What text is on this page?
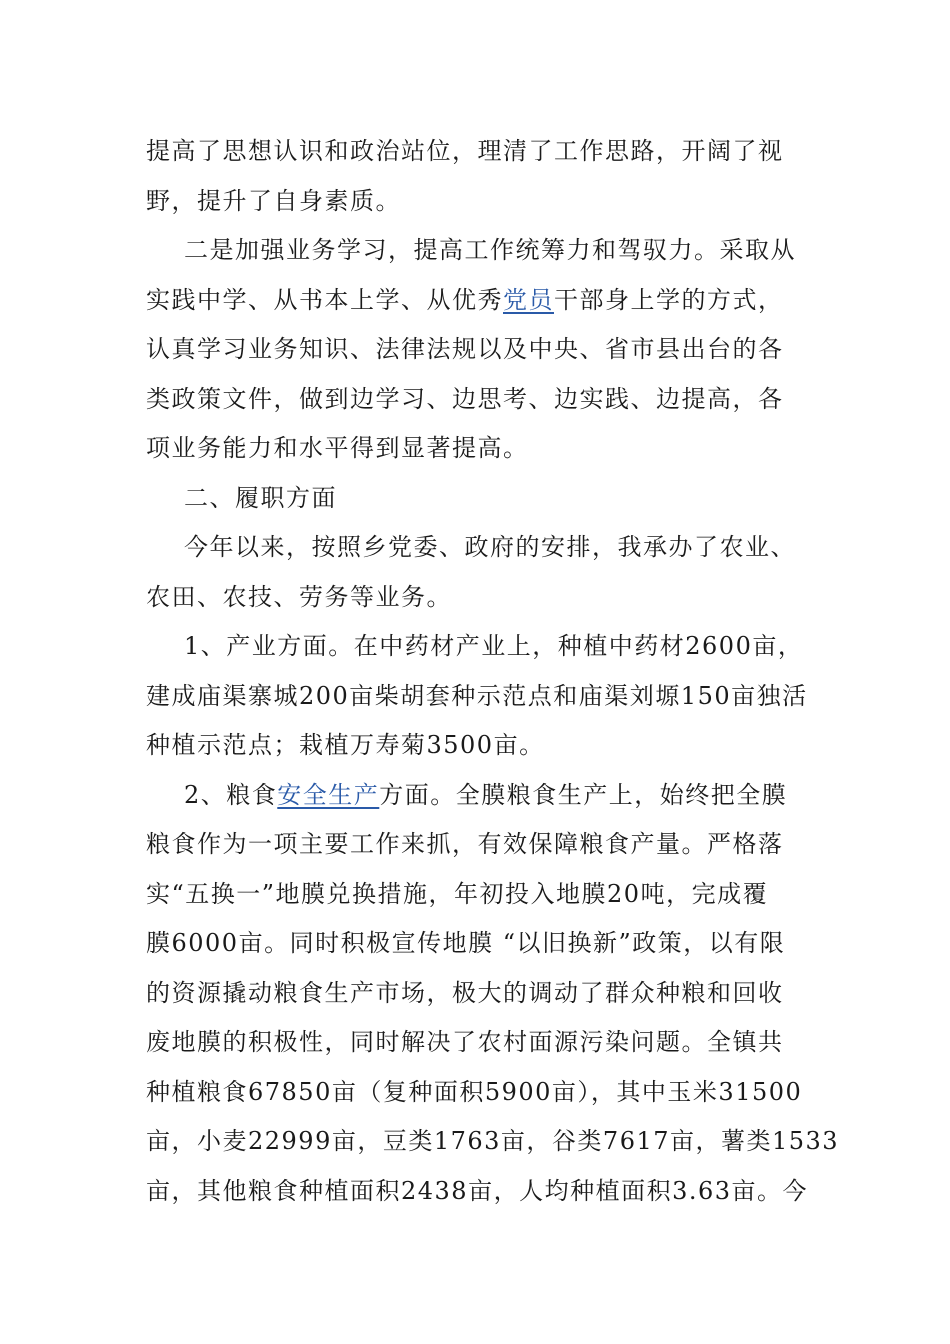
提高了思想认识和政治站位，理清了工作思路，开阔了视
野，提升了自身素质。
二是加强业务学习，提高工作统筹力和驾驭力。采取从
实践中学、从书本上学、从优秀党员干部身上学的方式，
认真学习业务知识、法律法规以及中央、省市县出台的各
类政策文件，做到边学习、边思考、边实践、边提高，各
项业务能力和水平得到显著提高。
二、履职方面
今年以来，按照乡党委、政府的安排，我承办了农业、
农田、农技、劳务等业务。
1、产业方面。在中药材产业上，种植中药材2600亩，
建成庙渠寨城200亩柴胡套种示范点和庙渠刘塬150亩独活
种植示范点；栽植万寿菊3500亩。
2、粮食安全生产方面。全膜粮食生产上，始终把全膜
粮食作为一项主要工作来抓，有效保障粮食产量。严格落
实“五换一”地膜兑换措施，年初投入地膜20吨，完成覆
膜6000亩。同时积极宣传地膜 “以旧换新”政策，以有限
的资源撬动粮食生产市场，极大的调动了群众种粮和回收
废地膜的积极性，同时解决了农村面源污染问题。全镇共
种植粮食67850亩（复种面积5900亩），其中玉米31500
亩，小麦22999亩，豆类1763亩，谷类7617亩，薯类1533
亩，其他粮食种植面积2438亩，人均种植面积3.63亩。今
